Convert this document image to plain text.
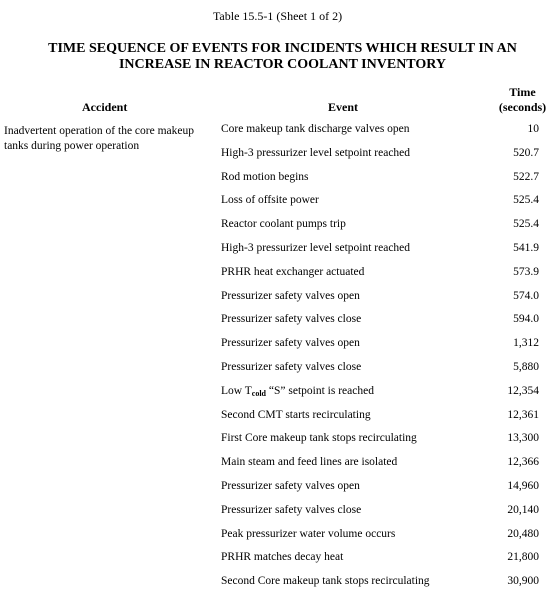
Table 15.5-1 (Sheet 1 of 2)
TIME SEQUENCE OF EVENTS FOR INCIDENTS WHICH RESULT IN AN
INCREASE IN REACTOR COOLANT INVENTORY
Accident	Event
Time
(seconds)
Inadvertent operation of the core makeup tanks during power operation
Core makeup tank discharge valves open	10
High-3 pressurizer level setpoint reached	520.7
Rod motion begins	522.7
Loss of offsite power	525.4
Reactor coolant pumps trip	525.4
High-3 pressurizer level setpoint reached	541.9
PRHR heat exchanger actuated	573.9
Pressurizer safety valves open	574.0
Pressurizer safety valves close	594.0
Pressurizer safety valves open	1,312
Pressurizer safety valves close	5,880
Low $T_{cold}$ “S” setpoint is reached	12,354
Second CMT starts recirculating	12,361
First Core makeup tank stops recirculating	13,300
Main steam and feed lines are isolated	12,366
Pressurizer safety valves open	14,960
Pressurizer safety valves close	20,140
Peak pressurizer water volume occurs	20,480
PRHR matches decay heat	21,800
Second Core makeup tank stops recirculating	30,900
